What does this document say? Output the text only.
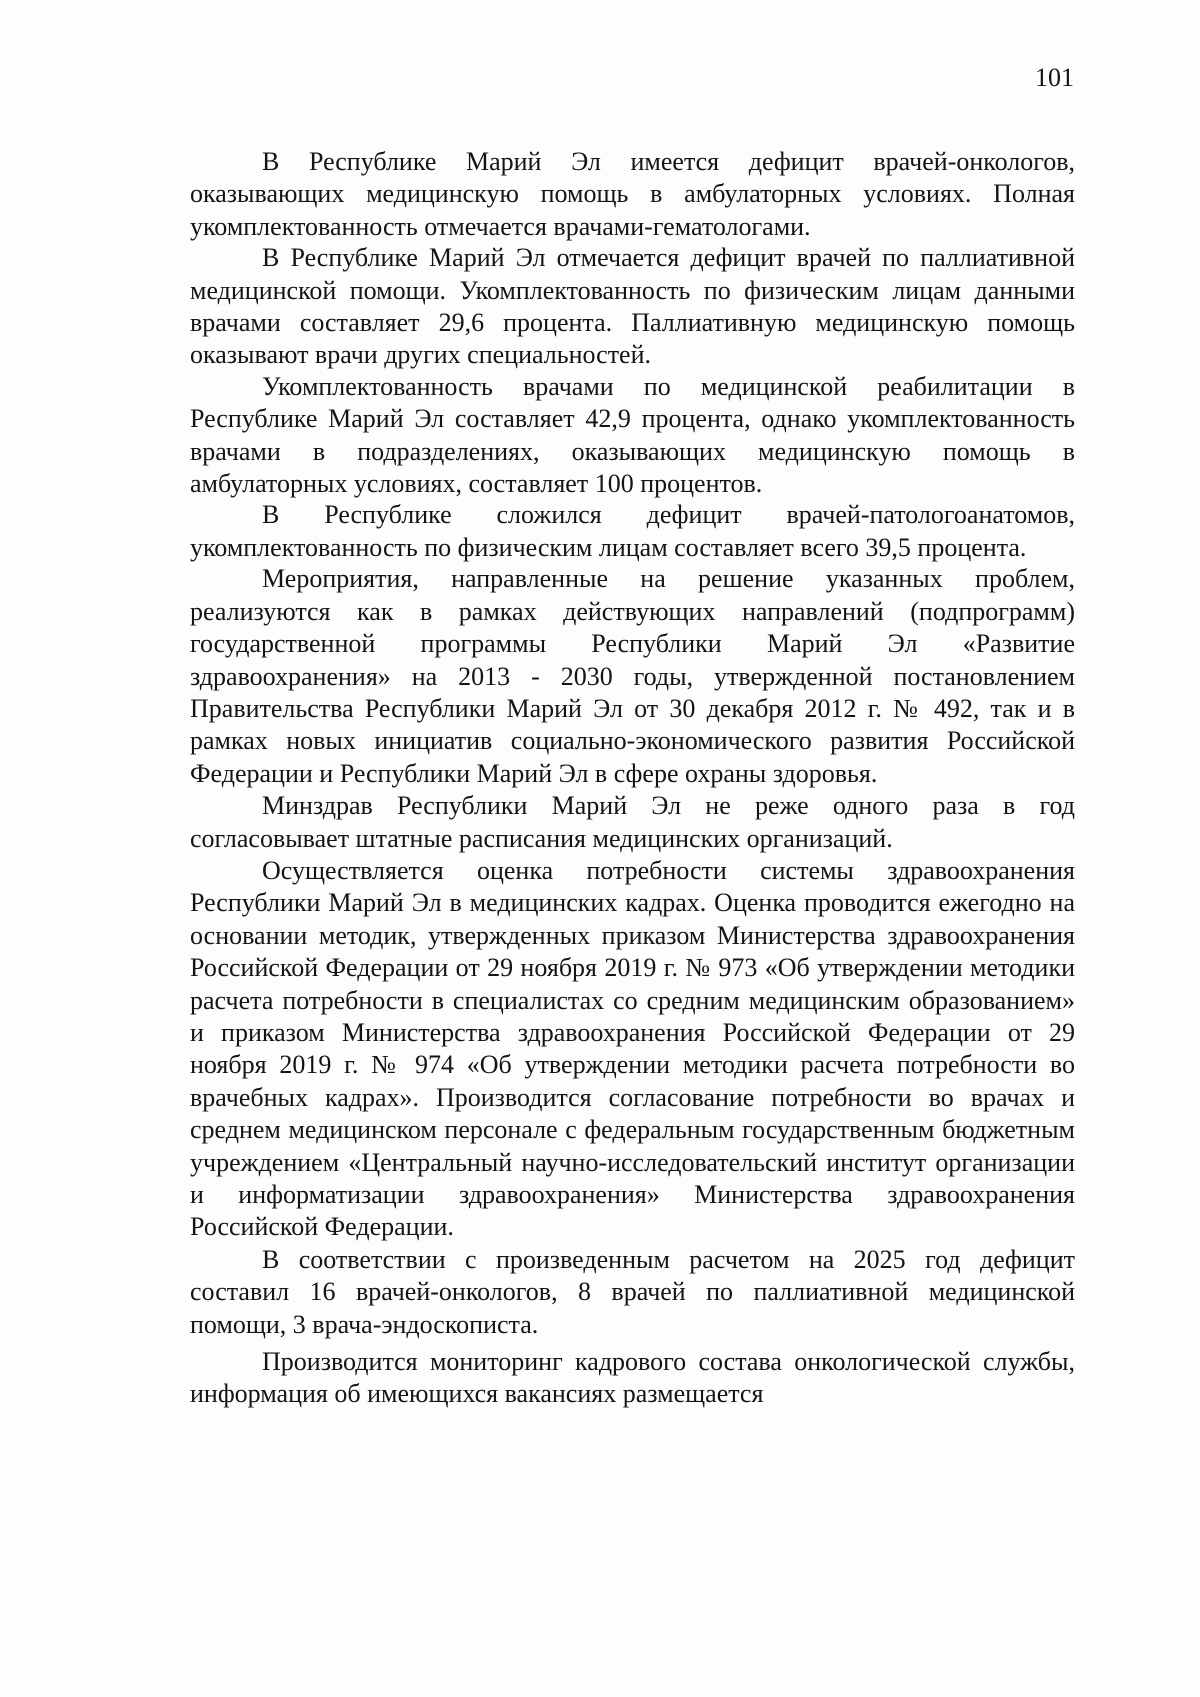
101

В Республике Марий Эл имеется дефицит врачей-онкологов, оказывающих медицинскую помощь в амбулаторных условиях. Полная укомплектованность отмечается врачами-гематологами.

В Республике Марий Эл отмечается дефицит врачей по паллиативной медицинской помощи. Укомплектованность по физическим лицам данными врачами составляет 29,6 процента. Паллиативную медицинскую помощь оказывают врачи других специальностей.

Укомплектованность врачами по медицинской реабилитации в Республике Марий Эл составляет 42,9 процента, однако укомплектованность врачами в подразделениях, оказывающих медицинскую помощь в амбулаторных условиях, составляет 100 процентов.

В Республике сложился дефицит врачей-патологоанатомов, укомплектованность по физическим лицам составляет всего 39,5 процента.

Мероприятия, направленные на решение указанных проблем, реализуются как в рамках действующих направлений (подпрограмм) государственной программы Республики Марий Эл «Развитие здравоохранения» на 2013 - 2030 годы, утвержденной постановлением Правительства Республики Марий Эл от 30 декабря 2012 г. № 492, так и в рамках новых инициатив социально-экономического развития Российской Федерации и Республики Марий Эл в сфере охраны здоровья.

Минздрав Республики Марий Эл не реже одного раза в год согласовывает штатные расписания медицинских организаций.

Осуществляется оценка потребности системы здравоохранения Республики Марий Эл в медицинских кадрах. Оценка проводится ежегодно на основании методик, утвержденных приказом Министерства здравоохранения Российской Федерации от 29 ноября 2019 г. № 973 «Об утверждении методики расчета потребности в специалистах со средним медицинским образованием» и приказом Министерства здравоохранения Российской Федерации от 29 ноября 2019 г. № 974 «Об утверждении методики расчета потребности во врачебных кадрах». Производится согласование потребности во врачах и среднем медицинском персонале с федеральным государственным бюджетным учреждением «Центральный научно-исследовательский институт организации и информатизации здравоохранения» Министерства здравоохранения Российской Федерации.

В соответствии с произведенным расчетом на 2025 год дефицит составил 16 врачей-онкологов, 8 врачей по паллиативной медицинской помощи, 3 врача-эндоскописта.

Производится мониторинг кадрового состава онкологической службы, информация об имеющихся вакансиях размещается
